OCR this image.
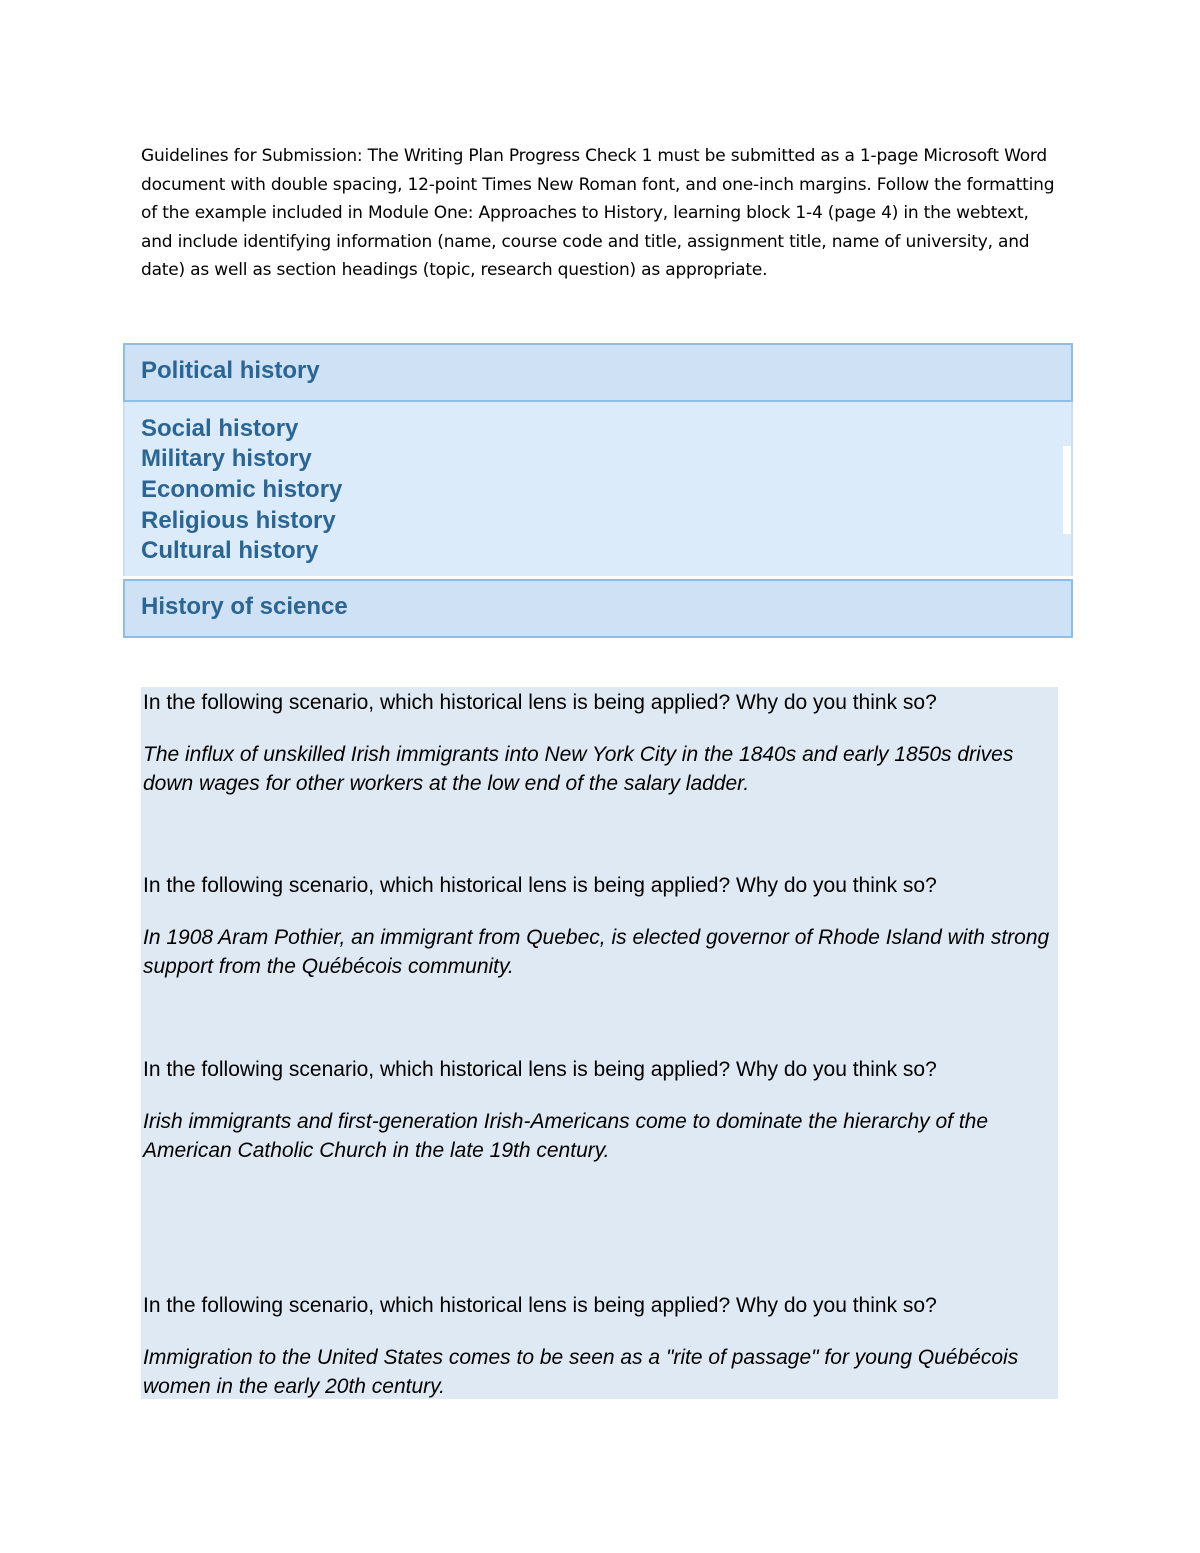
Guidelines for Submission: The Writing Plan Progress Check 1 must be submitted as a 1-page Microsoft Word document with double spacing, 12-point Times New Roman font, and one-inch margins. Follow the formatting of the example included in Module One: Approaches to History, learning block 1-4 (page 4) in the webtext, and include identifying information (name, course code and title, assignment title, name of university, and date) as well as section headings (topic, research question) as appropriate.

Political history
Social history
Military history
Economic history
Religious history
Cultural history
History of science

In the following scenario, which historical lens is being applied? Why do you think so?

The influx of unskilled Irish immigrants into New York City in the 1840s and early 1850s drives down wages for other workers at the low end of the salary ladder.

In the following scenario, which historical lens is being applied? Why do you think so?

In 1908 Aram Pothier, an immigrant from Quebec, is elected governor of Rhode Island with strong support from the Québécois community.

In the following scenario, which historical lens is being applied? Why do you think so?

Irish immigrants and first-generation Irish-Americans come to dominate the hierarchy of the American Catholic Church in the late 19th century.

In the following scenario, which historical lens is being applied? Why do you think so?

Immigration to the United States comes to be seen as a "rite of passage" for young Québécois women in the early 20th century.
